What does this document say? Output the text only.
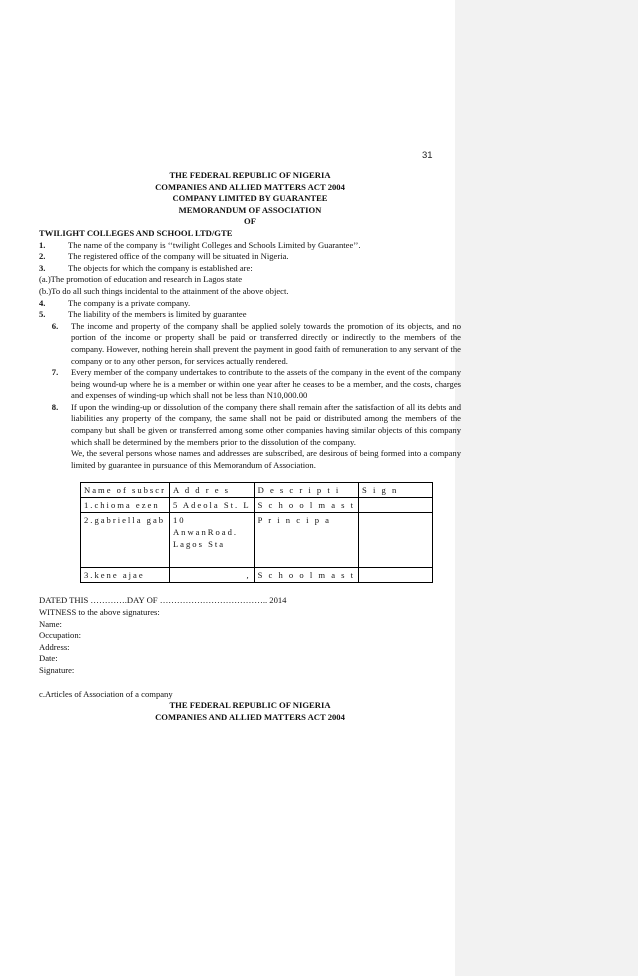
31
THE FEDERAL REPUBLIC OF NIGERIA
COMPANIES AND ALLIED MATTERS ACT 2004
COMPANY LIMITED BY GUARANTEE
MEMORANDUM OF ASSOCIATION
OF
TWILIGHT COLLEGES AND SCHOOL LTD/GTE
1.	The name of the company is ‘‘twilight Colleges and Schools Limited by Guarantee’’.
2.	The registered office of the company will be situated in Nigeria.
3.	The objects for which the company is established are:
(a.)The promotion of education and research in Lagos state
(b.)To do all such things incidental to the attainment of the above object.
4.	The company is a private company.
5.	The liability of the members is limited by guarantee
6.	The income and property of the company shall be applied solely towards the promotion of its objects, and no portion of the income or property shall be paid or transferred directly or indirectly to the members of the company. However, nothing herein shall prevent the payment in good faith of remuneration to any servant of the company or to any other person, for services actually rendered.
7.	Every member of the company undertakes to contribute to the assets of the company in the event of the company being wound-up where he is a member or within one year after he ceases to be a member, and the costs, charges and expenses of winding-up which shall not be less than N10,000.00
8.	If upon the winding-up or dissolution of the company there shall remain after the satisfaction of all its debts and liabilities any property of the company, the same shall not be paid or distributed among the members of the company but shall be given or transferred among some other companies having similar objects of this company which shall be determined by the members prior to the dissolution of the company.
We, the several persons whose names and addresses are subscribed, are desirous of being formed into a company limited by guarantee in pursuance of this Memorandum of Association.
Name of subscr	A d d r e s	D e s c r i p t i	S i g n
1.chioma ezen	5 Adeola St. L	S c h o o l m a s t	
2.gabriella gab	10 AnwanRoad. Lagos Sta	P r i n c i p a	
3.kene ajae	,	S c h o o l m a s t	
DATED THIS ………….DAY OF ……………………………….. 2014
WITNESS to the above signatures:
Name:
Occupation:
Address:
Date:
Signature:
c.Articles of Association of a company
THE FEDERAL REPUBLIC OF NIGERIA
COMPANIES AND ALLIED MATTERS ACT 2004
